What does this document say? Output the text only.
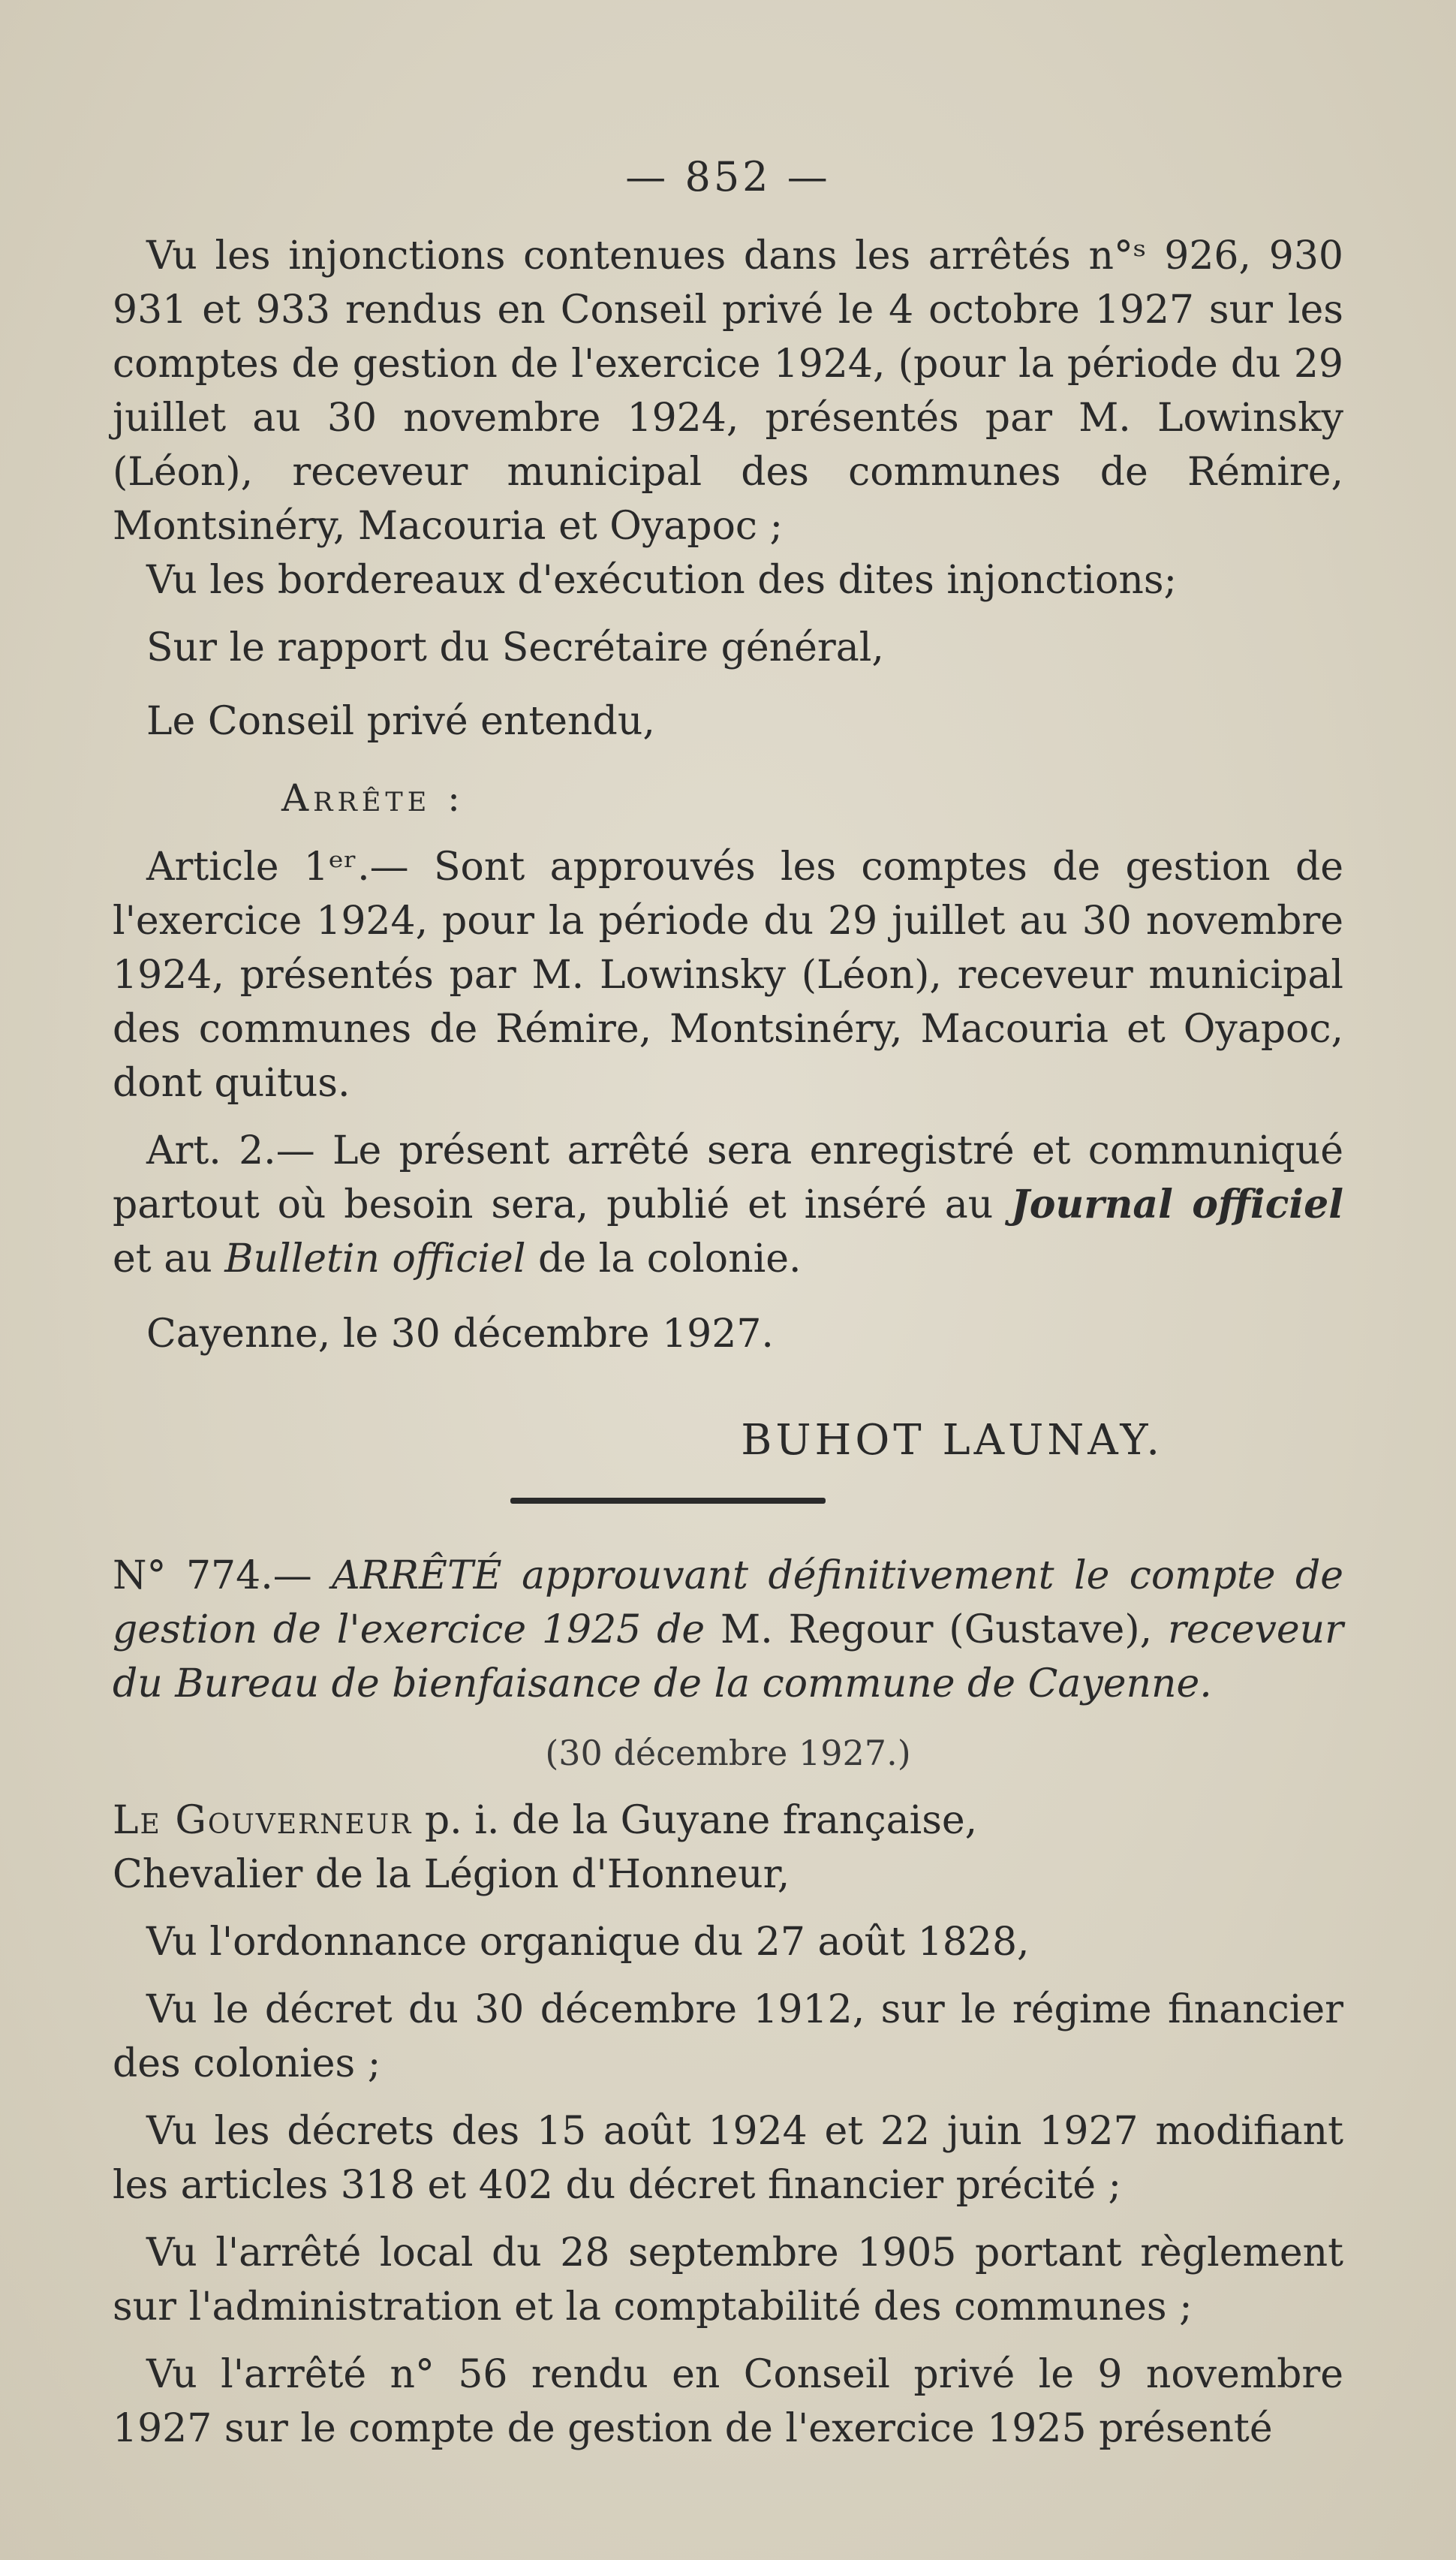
— 852 —

Vu les injonctions contenues dans les arrêtés n°ˢ 926, 930 931 et 933 rendus en Conseil privé le 4 octobre 1927 sur les comptes de gestion de l'exercice 1924, (pour la période du 29 juillet au 30 novembre 1924, présentés par M. Lowinsky (Léon), receveur municipal des communes de Rémire, Montsinéry, Macouria et Oyapoc ;

Vu les bordereaux d'exécution des dites injonctions;

Sur le rapport du Secrétaire général,

Le Conseil privé entendu,

Arrête :

Article 1ᵉʳ.— Sont approuvés les comptes de gestion de l'exercice 1924, pour la période du 29 juillet au 30 novembre 1924, présentés par M. Lowinsky (Léon), receveur municipal des communes de Rémire, Montsinéry, Macouria et Oyapoc, dont quitus.

Art. 2.— Le présent arrêté sera enregistré et communiqué partout où besoin sera, publié et inséré au Journal officiel et au Bulletin officiel de la colonie.

Cayenne, le 30 décembre 1927.

BUHOT LAUNAY.

N° 774.— ARRÊTÉ approuvant définitivement le compte de gestion de l'exercice 1925 de M. Regour (Gustave), receveur du Bureau de bienfaisance de la commune de Cayenne.

(30 décembre 1927.)

Le Gouverneur p. i. de la Guyane française,

Chevalier de la Légion d'Honneur,

Vu l'ordonnance organique du 27 août 1828,

Vu le décret du 30 décembre 1912, sur le régime financier des colonies ;

Vu les décrets des 15 août 1924 et 22 juin 1927 modifiant les articles 318 et 402 du décret financier précité ;

Vu l'arrêté local du 28 septembre 1905 portant règlement sur l'administration et la comptabilité des communes ;

Vu l'arrêté n° 56 rendu en Conseil privé le 9 novembre 1927 sur le compte de gestion de l'exercice 1925 présenté
